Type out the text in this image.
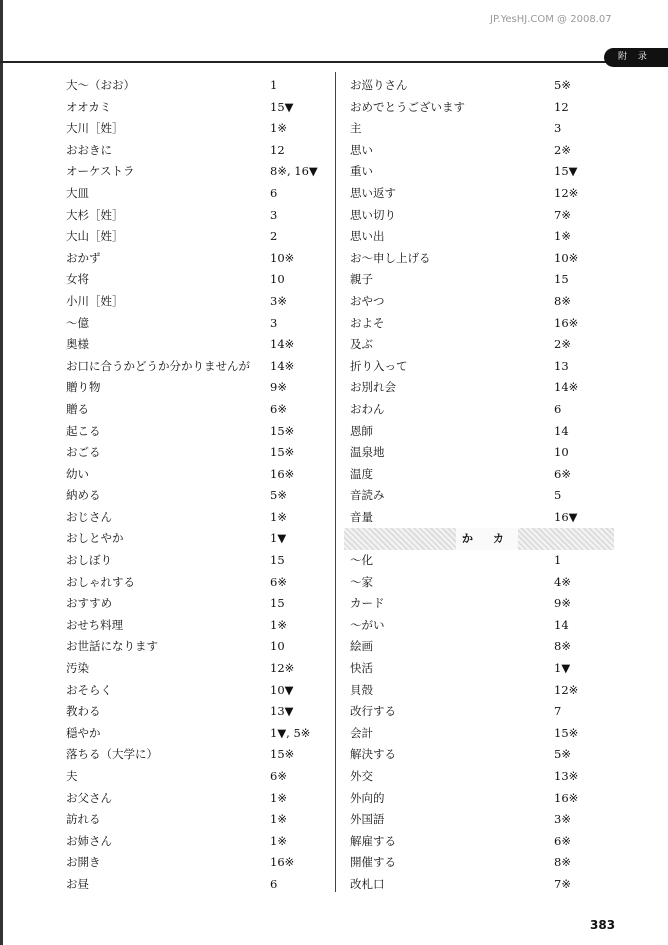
JP.YesHJ.COM @ 2008.07
附 录
大～（おお）	1
オオカミ	15▼
大川［姓］	1※
おおきに	12
オーケストラ	8※, 16▼
大皿	6
大杉［姓］	3
大山［姓］	2
おかず	10※
女将	10
小川［姓］	3※
～億	3
奥様	14※
お口に合うかどうか分かりませんが 14※
贈り物	9※
贈る	6※
起こる	15※
おごる	15※
幼い	16※
納める	5※
おじさん	1※
おしとやか	1▼
おしぼり	15
おしゃれする	6※
おすすめ	15
おせち料理	1※
お世話になります	10
汚染	12※
おそらく	10▼
教わる	13▼
穏やか	1▼, 5※
落ちる（大学に）	15※
夫	6※
お父さん	1※
訪れる	1※
お姉さん	1※
お開き	16※
お昼	6
お巡りさん	5※
おめでとうございます	12
主	3
思い	2※
重い	15▼
思い返す	12※
思い切り	7※
思い出	1※
お～申し上げる	10※
親子	15
おやつ	8※
およそ	16※
及ぶ	2※
折り入って	13
お別れ会	14※
おわん	6
恩師	14
温泉地	10
温度	6※
音読み	5
音量	16▼
か カ
～化	1
～家	4※
カード	9※
～がい	14
絵画	8※
快活	1▼
貝殻	12※
改行する	7
会計	15※
解決する	5※
外交	13※
外向的	16※
外国語	3※
解雇する	6※
開催する	8※
改札口	7※
383
